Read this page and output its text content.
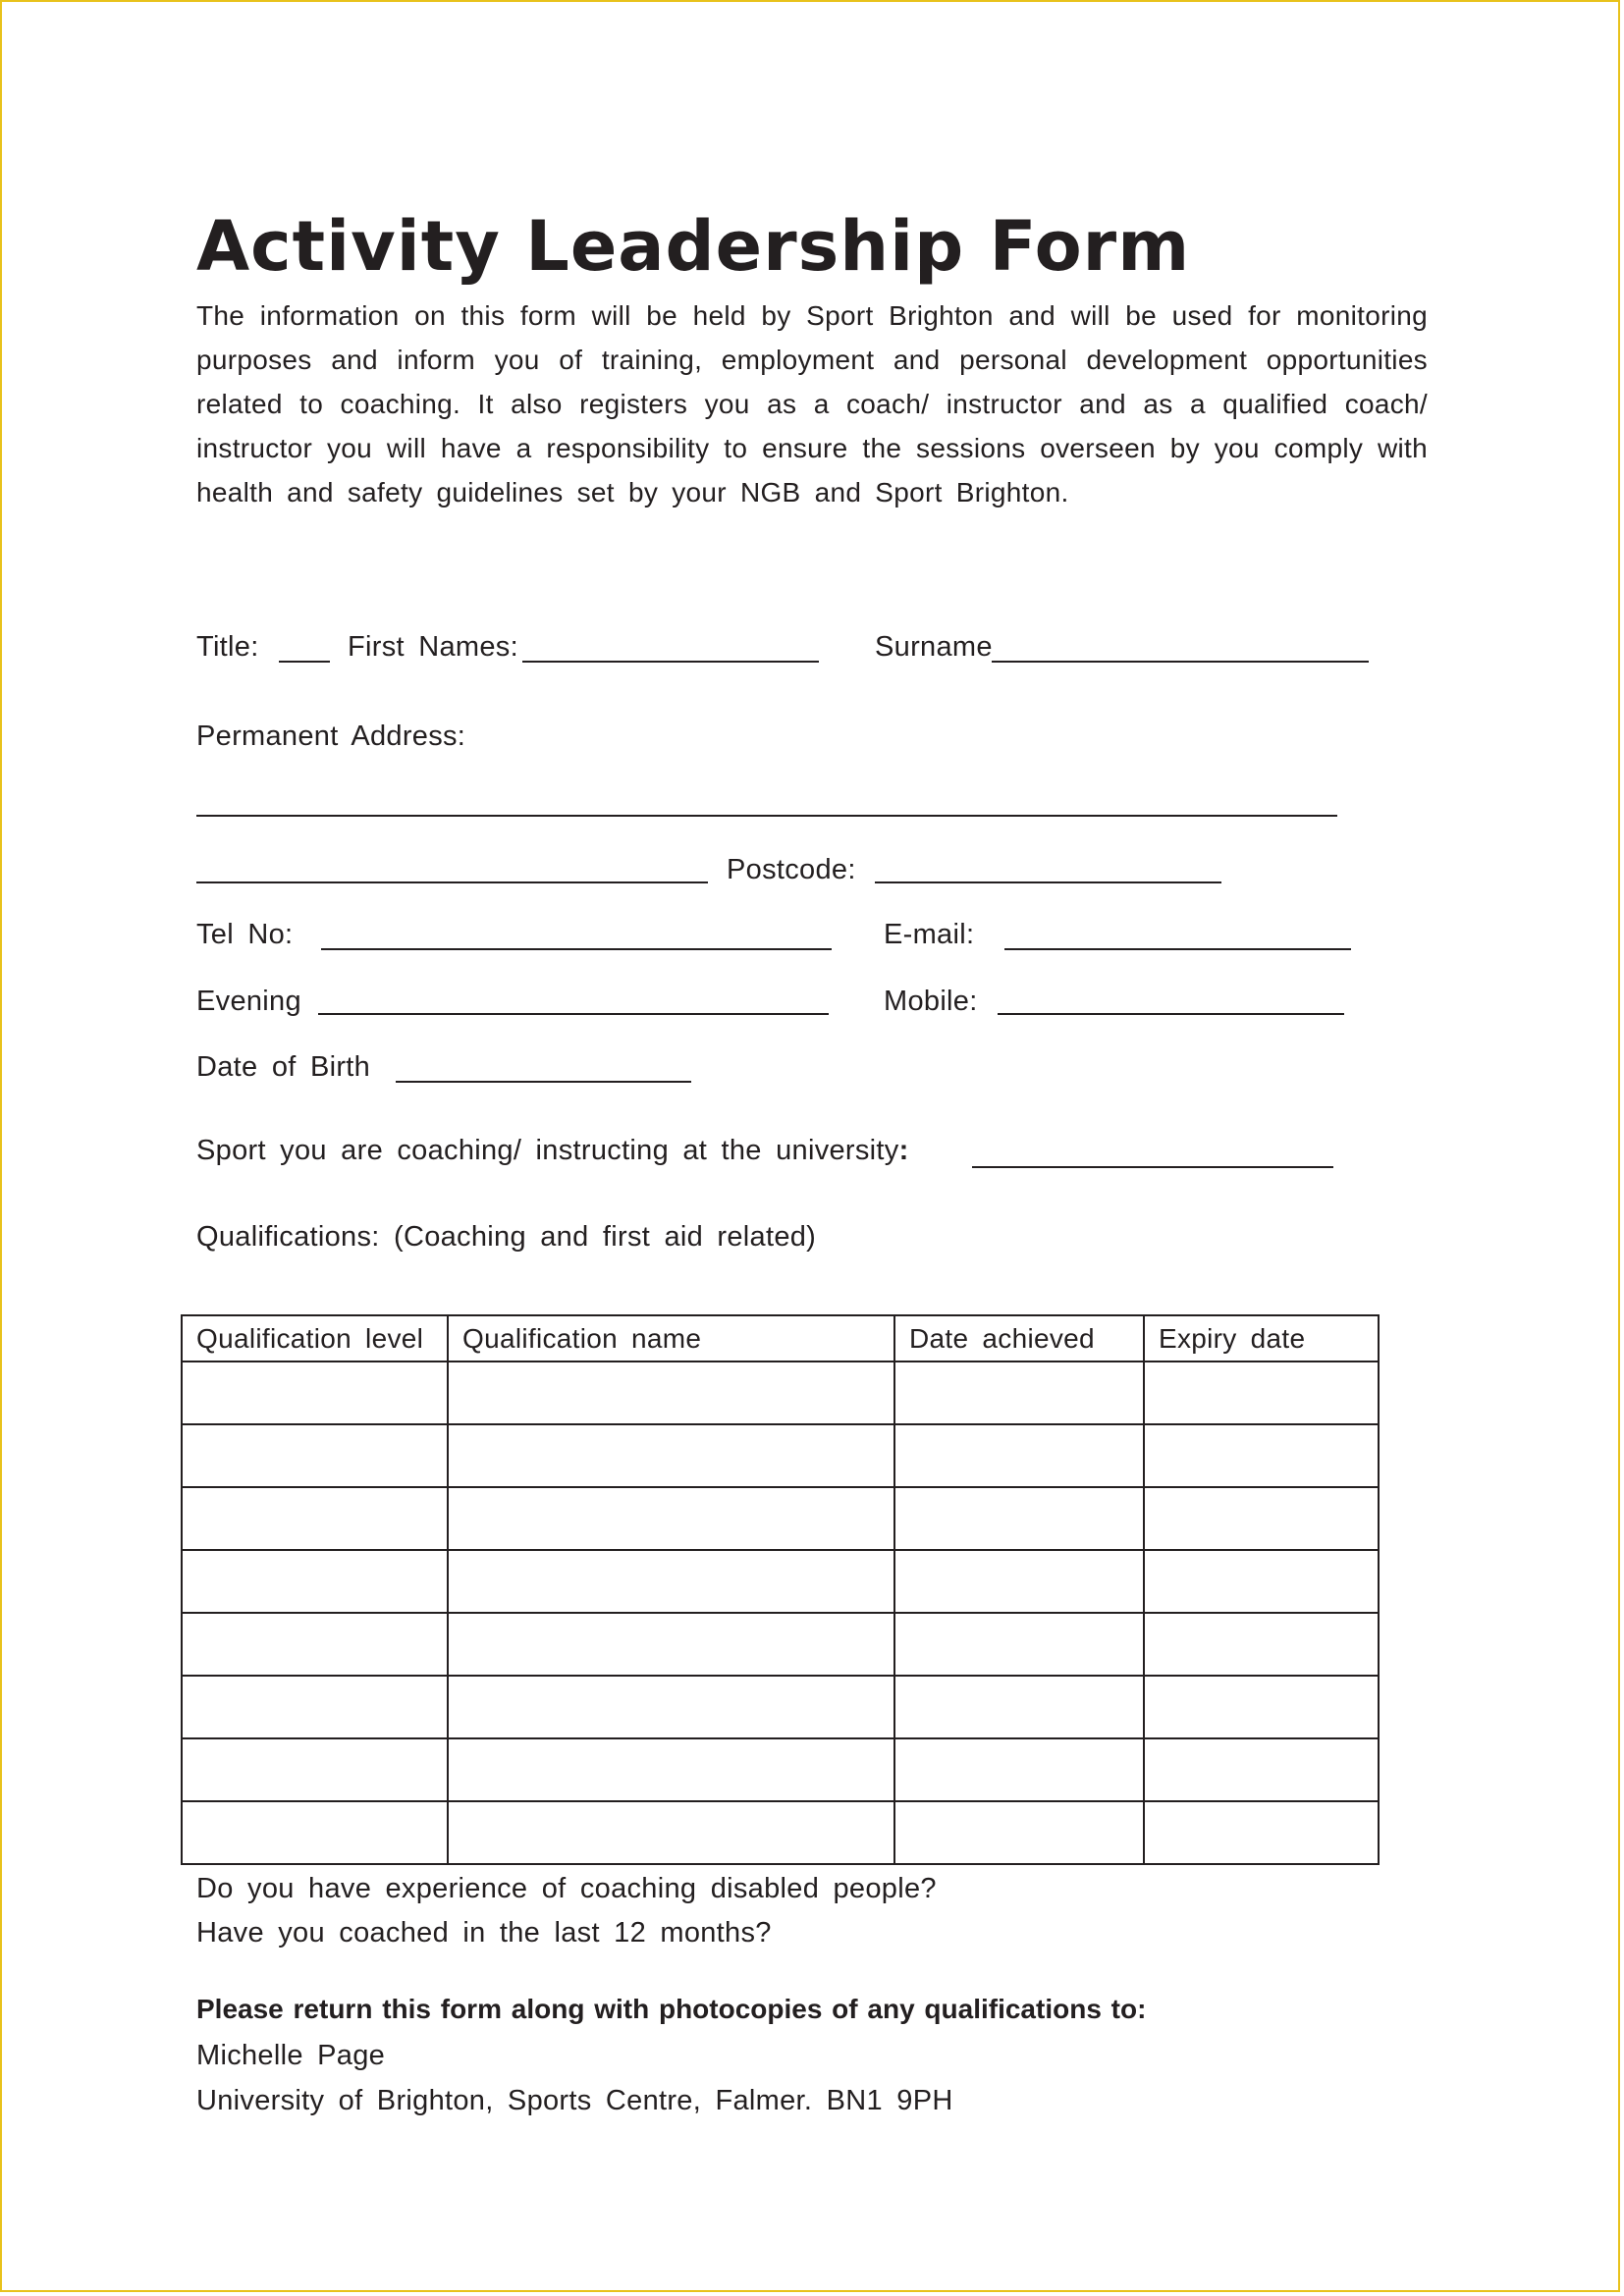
Activity Leadership Form
The information on this form will be held by Sport Brighton and will be used for monitoring purposes and inform you of training, employment and personal development opportunities related to coaching. It also registers you as a coach/ instructor and as a qualified coach/ instructor you will have a responsibility to ensure the sessions overseen by you comply with health and safety guidelines set by your NGB and Sport Brighton.
Title:	First Names:	Surname
Permanent Address:
Postcode:
Tel No:	E-mail:
Evening	Mobile:
Date of Birth
Sport you are coaching/ instructing at the university:
Qualifications: (Coaching and first aid related)
Qualification level	Qualification name	Date achieved	Expiry date

Do you have experience of coaching disabled people?
Have you coached in the last 12 months?
Please return this form along with photocopies of any qualifications to:
Michelle Page
University of Brighton, Sports Centre, Falmer. BN1 9PH
